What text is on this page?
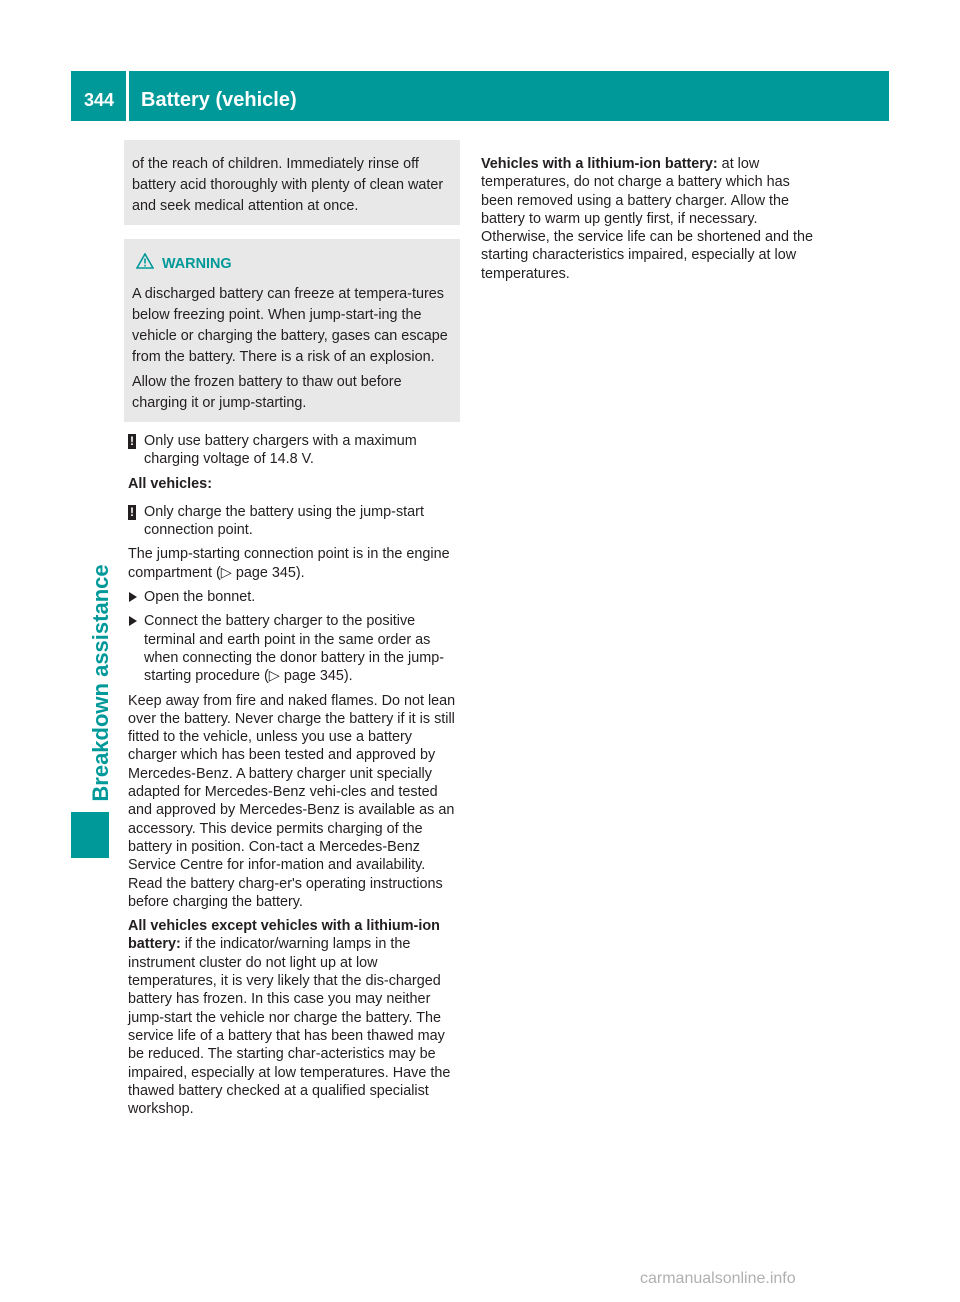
344 Battery (vehicle)
Breakdown assistance

of the reach of children. Immediately rinse off battery acid thoroughly with plenty of clean water and seek medical attention at once.

WARNING

A discharged battery can freeze at tempera-tures below freezing point. When jump-start-ing the vehicle or charging the battery, gases can escape from the battery. There is a risk of an explosion.

Allow the frozen battery to thaw out before charging it or jump-starting.

! Only use battery chargers with a maximum charging voltage of 14.8 V.
All vehicles:
! Only charge the battery using the jump-start connection point.
The jump-starting connection point is in the engine compartment (▷ page 345).
Open the bonnet.
Connect the battery charger to the positive terminal and earth point in the same order as when connecting the donor battery in the jump-starting procedure (▷ page 345).
Keep away from fire and naked flames. Do not lean over the battery. Never charge the battery if it is still fitted to the vehicle, unless you use a battery charger which has been tested and approved by Mercedes-Benz. A battery charger unit specially adapted for Mercedes-Benz vehi-cles and tested and approved by Mercedes-Benz is available as an accessory. This device permits charging of the battery in position. Con-tact a Mercedes-Benz Service Centre for infor-mation and availability. Read the battery charg-er's operating instructions before charging the battery.
All vehicles except vehicles with a lithium-ion battery: if the indicator/warning lamps in the instrument cluster do not light up at low temperatures, it is very likely that the dis-charged battery has frozen. In this case you may neither jump-start the vehicle nor charge the battery. The service life of a battery that has been thawed may be reduced. The starting char-acteristics may be impaired, especially at low temperatures. Have the thawed battery checked at a qualified specialist workshop.
Vehicles with a lithium-ion battery: at low temperatures, do not charge a battery which has been removed using a battery charger. Allow the battery to warm up gently first, if necessary. Otherwise, the service life can be shortened and the starting characteristics impaired, especially at low temperatures.
carmanualsonline.info
